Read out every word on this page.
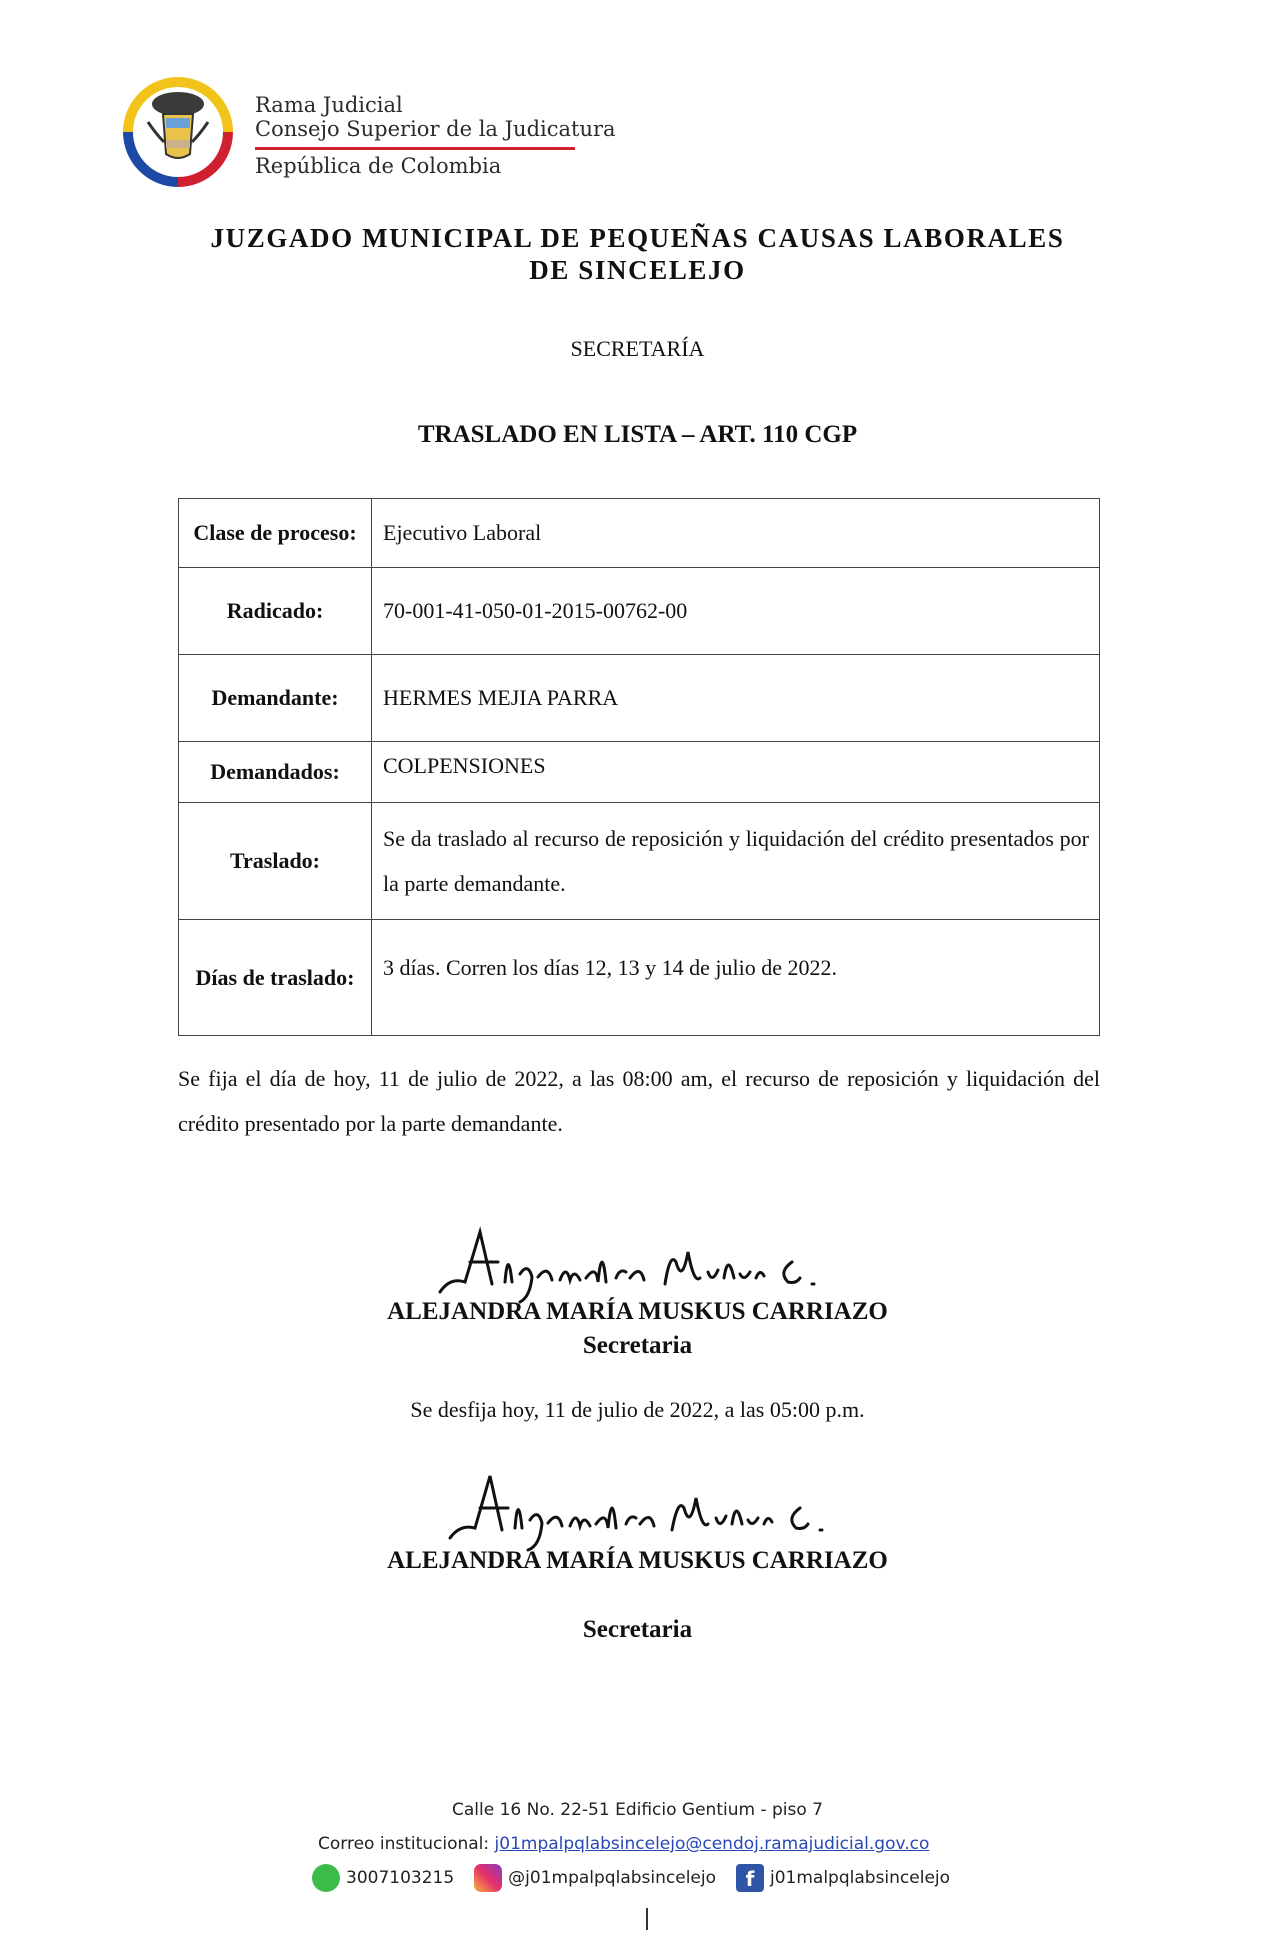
Rama Judicial
Consejo Superior de la Judicatura
República de Colombia
JUZGADO MUNICIPAL DE PEQUEÑAS CAUSAS LABORALES
DE SINCELEJO
SECRETARÍA
TRASLADO EN LISTA – ART. 110 CGP
Clase de proceso:	Ejecutivo Laboral
Radicado:	70-001-41-050-01-2015-00762-00
Demandante:	HERMES MEJIA PARRA
Demandados:	COLPENSIONES
Traslado:	Se da traslado al recurso de reposición y liquidación del crédito presentados por la parte demandante.
Días de traslado:	3 días. Corren los días 12, 13 y 14 de julio de 2022.
Se fija el día de hoy, 11 de julio de 2022, a las 08:00 am, el recurso de reposición y liquidación del crédito presentado por la parte demandante.
ALEJANDRA MARÍA MUSKUS CARRIAZO
Secretaria
Se desfija hoy, 11 de julio de 2022, a las 05:00 p.m.
ALEJANDRA MARÍA MUSKUS CARRIAZO
Secretaria
Calle 16 No. 22-51 Edificio Gentium - piso 7
Correo institucional: j01mpalpqlabsincelejo@cendoj.ramajudicial.gov.co
3007103215	@j01mpalpqlabsincelejo	f j01malpqlabsincelejo
